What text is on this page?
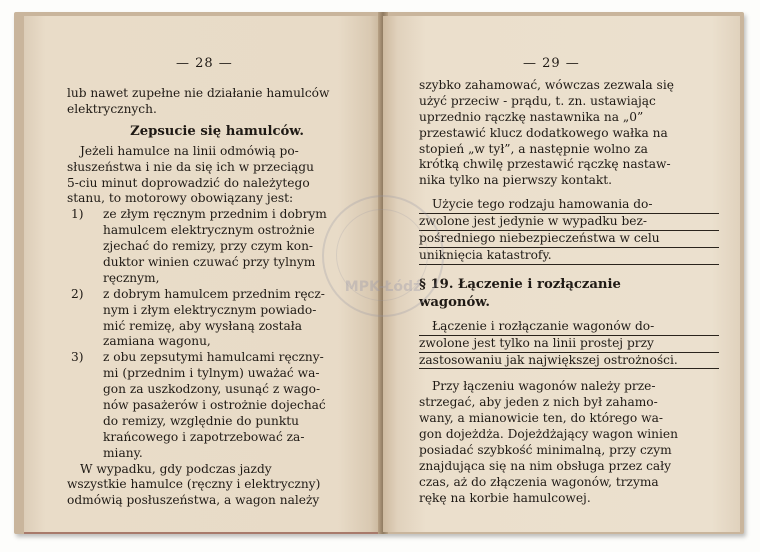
— 28 —
lub nawet zupełne nie działanie hamulców
elektrycznych.
Zepsucie się hamulców.
Jeżeli hamulce na linii odmówią po-
słuszeństwa i nie da się ich w przeciągu
5-ciu minut doprowadzić do należytego
stanu, to motorowy obowiązany jest:
1) ze złym ręcznym przednim i dobrym
hamulcem elektrycznym ostrożnie
zjechać do remizy, przy czym kon-
duktor winien czuwać przy tylnym
ręcznym,
2) z dobrym hamulcem przednim ręcz-
nym i złym elektrycznym powiado-
mić remizę, aby wysłaną została
zamiana wagonu,
3) z obu zepsutymi hamulcami ręczny-
mi (przednim i tylnym) uważać wa-
gon za uszkodzony, usunąć z wago-
nów pasażerów i ostrożnie dojechać
do remizy, względnie do punktu
krańcowego i zapotrzebować za-
miany.
W wypadku, gdy podczas jazdy
wszystkie hamulce (ręczny i elektryczny)
odmówią posłuszeństwa, a wagon należy
— 29 —
szybko zahamować, wówczas zezwala się
użyć przeciw - prądu, t. zn. ustawiając
uprzednio rączkę nastawnika na „0”
przestawić klucz dodatkowego wałka na
stopień „w tył”, a następnie wolno za
krótką chwilę przestawić rączkę nastaw-
nika tylko na pierwszy kontakt.
Użycie tego rodzaju hamowania do-
zwolone jest jedynie w wypadku bez-
pośredniego niebezpieczeństwa w celu
uniknięcia katastrofy.
§ 19. Łączenie i rozłączanie
wagonów.
Łączenie i rozłączanie wagonów do-
zwolone jest tylko na linii prostej przy
zastosowaniu jak największej ostrożności.
Przy łączeniu wagonów należy prze-
strzegać, aby jeden z nich był zahamo-
wany, a mianowicie ten, do którego wa-
gon dojeżdża. Dojeżdżający wagon winien
posiadać szybkość minimalną, przy czym
znajdująca się na nim obsługa przez cały
czas, aż do złączenia wagonów, trzyma
rękę na korbie hamulcowej.
MPK-Łódź
